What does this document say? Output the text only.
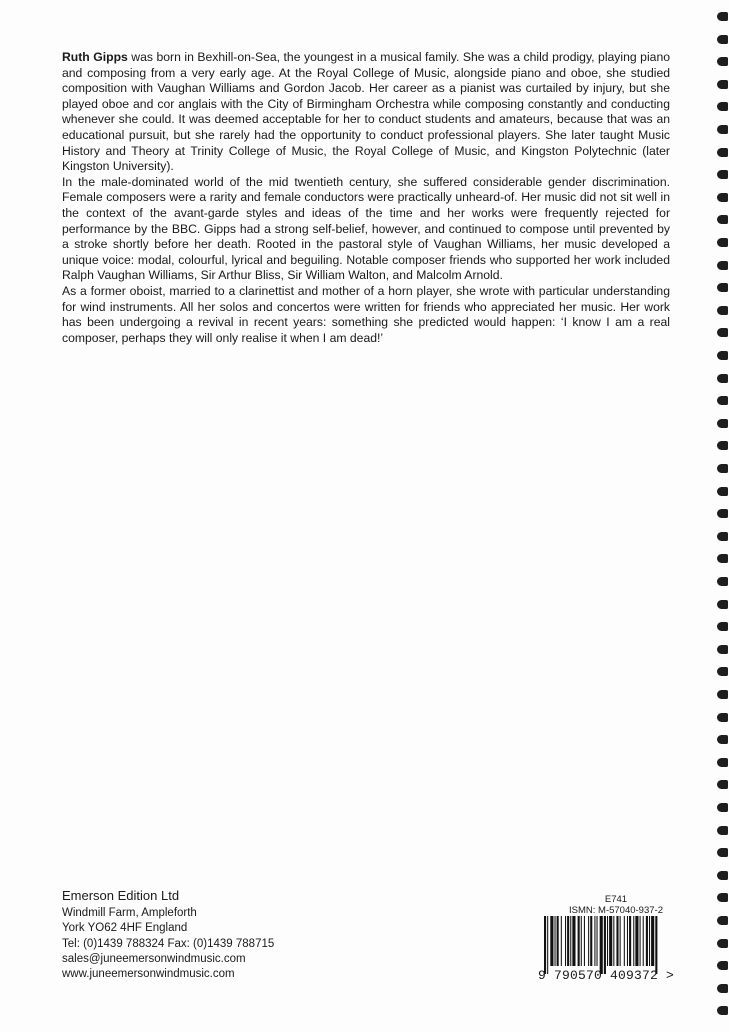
Ruth Gipps was born in Bexhill-on-Sea, the youngest in a musical family. She was a child prodigy, playing piano and composing from a very early age. At the Royal College of Music, alongside piano and oboe, she studied composition with Vaughan Williams and Gordon Jacob. Her career as a pianist was curtailed by injury, but she played oboe and cor anglais with the City of Birmingham Orchestra while composing constantly and conducting whenever she could. It was deemed acceptable for her to conduct students and amateurs, because that was an educational pursuit, but she rarely had the opportunity to conduct professional players. She later taught Music History and Theory at Trinity College of Music, the Royal College of Music, and Kingston Polytechnic (later Kingston University).

In the male-dominated world of the mid twentieth century, she suffered considerable gender discrimination. Female composers were a rarity and female conductors were practically unheard-of. Her music did not sit well in the context of the avant-garde styles and ideas of the time and her works were frequently rejected for performance by the BBC. Gipps had a strong self-belief, however, and continued to compose until prevented by a stroke shortly before her death. Rooted in the pastoral style of Vaughan Williams, her music developed a unique voice: modal, colourful, lyrical and beguiling. Notable composer friends who supported her work included Ralph Vaughan Williams, Sir Arthur Bliss, Sir William Walton, and Malcolm Arnold.

As a former oboist, married to a clarinettist and mother of a horn player, she wrote with particular understanding for wind instruments. All her solos and concertos were written for friends who appreciated her music. Her work has been undergoing a revival in recent years: something she predicted would happen: ‘I know I am a real composer, perhaps they will only realise it when I am dead!’

Emerson Edition Ltd
Windmill Farm, Ampleforth
York YO62 4HF England
Tel: (0)1439 788324 Fax: (0)1439 788715
sales@juneemersonwindmusic.com
www.juneemersonwindmusic.com
E741
ISMN: M-57040-937-2
9 790570 409372 >
